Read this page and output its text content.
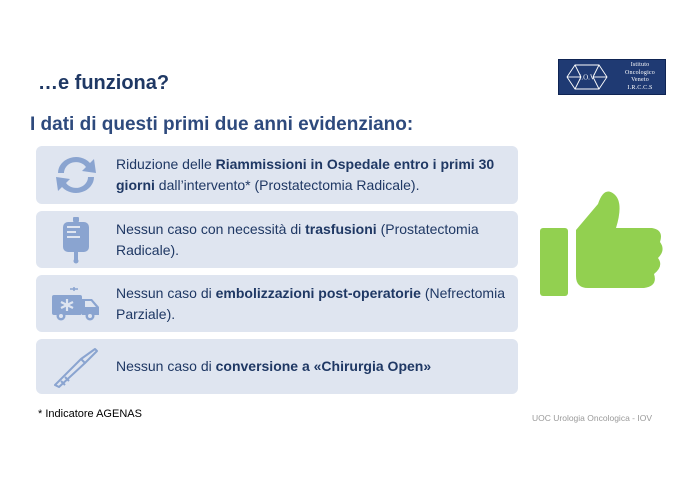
…e funziona?
I dati di questi primi due anni evidenziano:
I.O.V
Istituto
Oncologico
Veneto
I.R.C.C.S
Riduzione delle Riammissioni in Ospedale entro i primi 30 giorni dall’intervento* (Prostatectomia Radicale).
Nessun caso con necessità di trasfusioni (Prostatectomia Radicale).
Nessun caso di embolizzazioni post-operatorie (Nefrectomia Parziale).
Nessun caso di conversione a «Chirurgia Open»
* Indicatore AGENAS	UOC Urologia Oncologica - IOV
